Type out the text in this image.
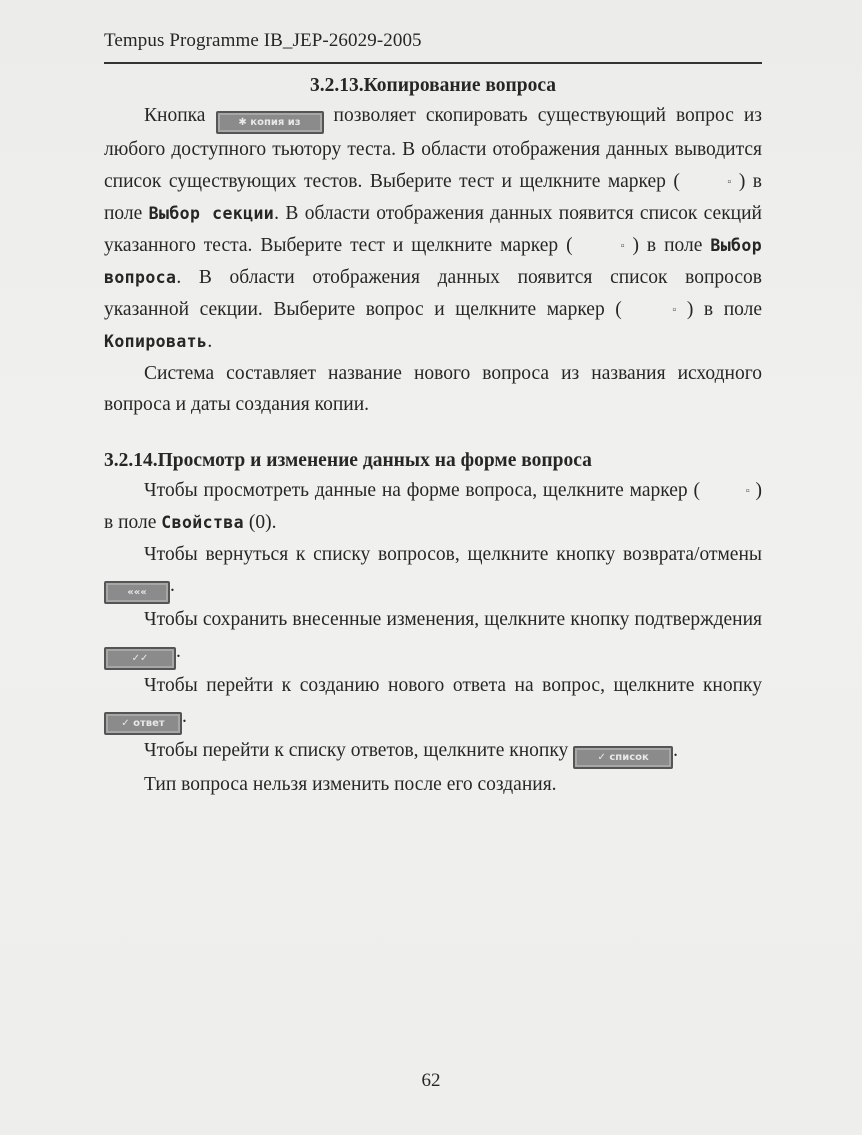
Tempus Programme IB_JEP-26029-2005
3.2.13.Копирование вопроса

Кнопка	✱ копия из позволяет скопировать существующий вопрос из любого доступного тьютору теста. В области отображения данных выводится список существующих тестов. Выберите тест и щелкните маркер (	▫ ) в поле Выбор секции. В области отображения данных появится список секций указанного теста. Выберите тест и щелкните маркер (	▫ ) в поле Выбор вопроса. В области отображения данных появится список вопросов указанной секции. Выберите вопрос и щелкните маркер (	▫ ) в поле Копировать.

Система составляет название нового вопроса из названия исходного вопроса и даты создания копии.

3.2.14.Просмотр и изменение данных на форме вопроса

Чтобы просмотреть данные на форме вопроса, щелкните маркер (	▫ ) в поле Свойства (0).

Чтобы вернуться к списку вопросов, щелкните кнопку возврата/отмены ««« .

Чтобы сохранить внесенные изменения, щелкните кнопку подтверждения ✓✓ .

Чтобы перейти к созданию нового ответа на вопрос, щелкните кнопку ✓ ответ .

Чтобы перейти к списку ответов, щелкните кнопку	✓ список .

Тип вопроса нельзя изменить после его создания.

62
